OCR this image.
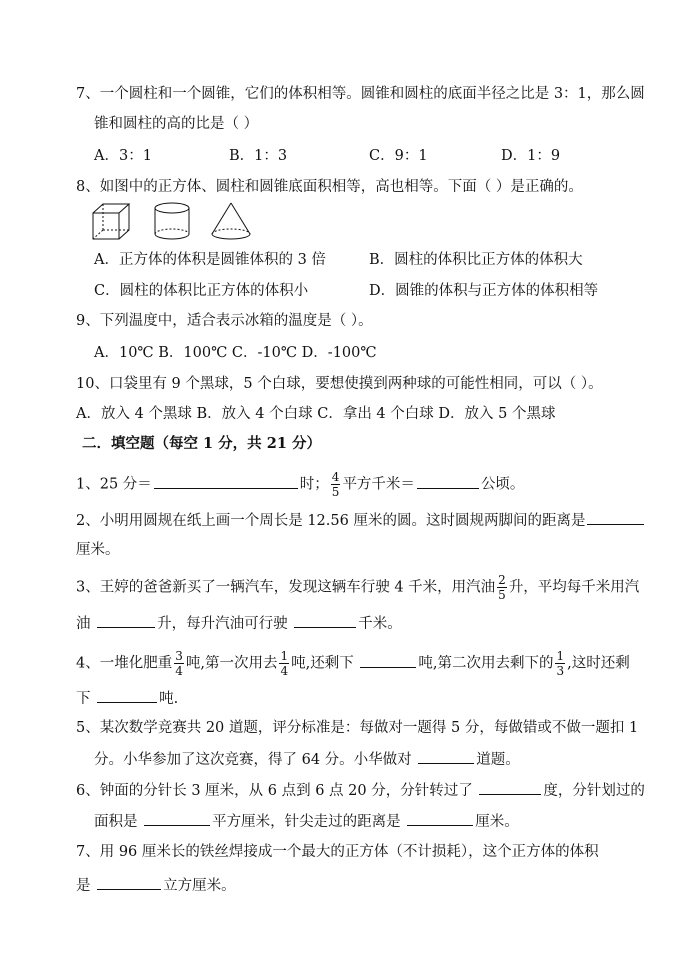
7、一个圆柱和一个圆锥，它们的体积相等。圆锥和圆柱的底面半径之比是 3：1，那么圆
锥和圆柱的高的比是（ ）
A．3：1	B．1：3	C．9：1	D．1：9
8、如图中的正方体、圆柱和圆锥底面积相等，高也相等。下面（ ）是正确的。
A．正方体的体积是圆锥体积的 3 倍	B．圆柱的体积比正方体的体积大
C．圆柱的体积比正方体的体积小	D．圆锥的体积与正方体的体积相等
9、下列温度中，适合表示冰箱的温度是（ ）。
A．10℃ B．100℃ C．-10℃ D．-100℃
10、口袋里有 9 个黑球，5 个白球，要想使摸到两种球的可能性相同，可以（ ）。
A．放入 4 个黑球 B．放入 4 个白球 C．拿出 4 个白球 D．放入 5 个黑球
二．填空题（每空 1 分，共 21 分）
1、25 分＝	时； $\frac{4}{5}$ 平方千米＝	公顷。
2、小明用圆规在纸上画一个周长是 12.56 厘米的圆。这时圆规两脚间的距离是
厘米。
3、王婷的爸爸新买了一辆汽车，发现这辆车行驶 4 千米，用汽油 $\frac{2}{5}$ 升，平均每千米用汽
油	升，每升汽油可行驶	千米。
4、一堆化肥重 $\frac{3}{4}$ 吨,第一次用去 $\frac{1}{4}$ 吨,还剩下	吨,第二次用去剩下的 $\frac{1}{3}$ ,这时还剩
下	吨.
5、某次数学竞赛共 20 道题，评分标准是：每做对一题得 5 分，每做错或不做一题扣 1
分。小华参加了这次竞赛，得了 64 分。小华做对	道题。
6、钟面的分针长 3 厘米，从 6 点到 6 点 20 分，分针转过了	度，分针划过的
面积是	平方厘米，针尖走过的距离是	厘米。
7、用 96 厘米长的铁丝焊接成一个最大的正方体（不计损耗），这个正方体的体积
是	立方厘米。
